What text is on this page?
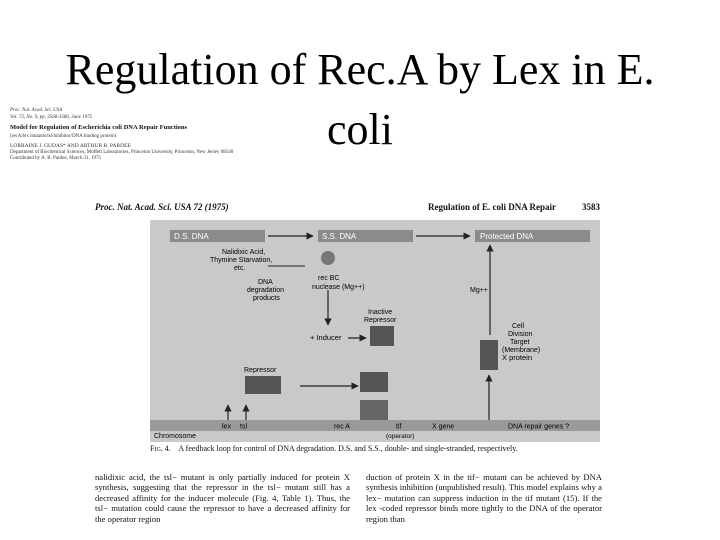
Regulation of Rec.A by Lex in E.
coli
Proc. Nat. Acad. Sci. USA
Vol. 72, No. 9, pp. 3568-3586, June 1975
Model for Regulation of Escherichia coli DNA Repair Functions
(recA/lex mutants/tsl/inhibitor/DNA binding protein)
LORRAINE J. GUDAS* AND ARTHUR B. PARDEE
Department of Biochemical Sciences, Moffett Laboratories, Princeton University, Princeton, New Jersey 08540
Contributed by A. B. Pardee, March 31, 1975
Proc. Nat. Acad. Sci. USA 72 (1975)	Regulation of E. coli DNA Repair	3583
D.S. DNA	S.S. DNA	Protected DNA
Nalidixic Acid,
Thymine Starvation,
etc.
rec BC
nuclease (Mg++)
DNA
degradation
products
Inactive
Repressor
+ Inducer
Mg++
Cell
Division
Target
(Membrane)
X protein
Repressor
Chromosome
lex tsl	rec A	tif
(operator)
X gene	DNA repair genes ?
Fig. 4. A feedback loop for control of DNA degradation. D.S. and S.S., double- and single-stranded, respectively.
nalidixic acid, the tsl− mutant is only partially induced for protein X synthesis, suggesting that the repressor in the tsl− mutant still has a decreased affinity for the inducer molecule (Fig. 4, Table 1). Thus, the tsl− mutation could cause the repressor to have a decreased affinity for the operator region
duction of protein X in the tif− mutant can be achieved by DNA synthesis inhibition (unpublished result). This model explains why a lex− mutation can suppress induction in the tif mutant (15). If the lex -coded repressor binds more tightly to the DNA of the operator region than
